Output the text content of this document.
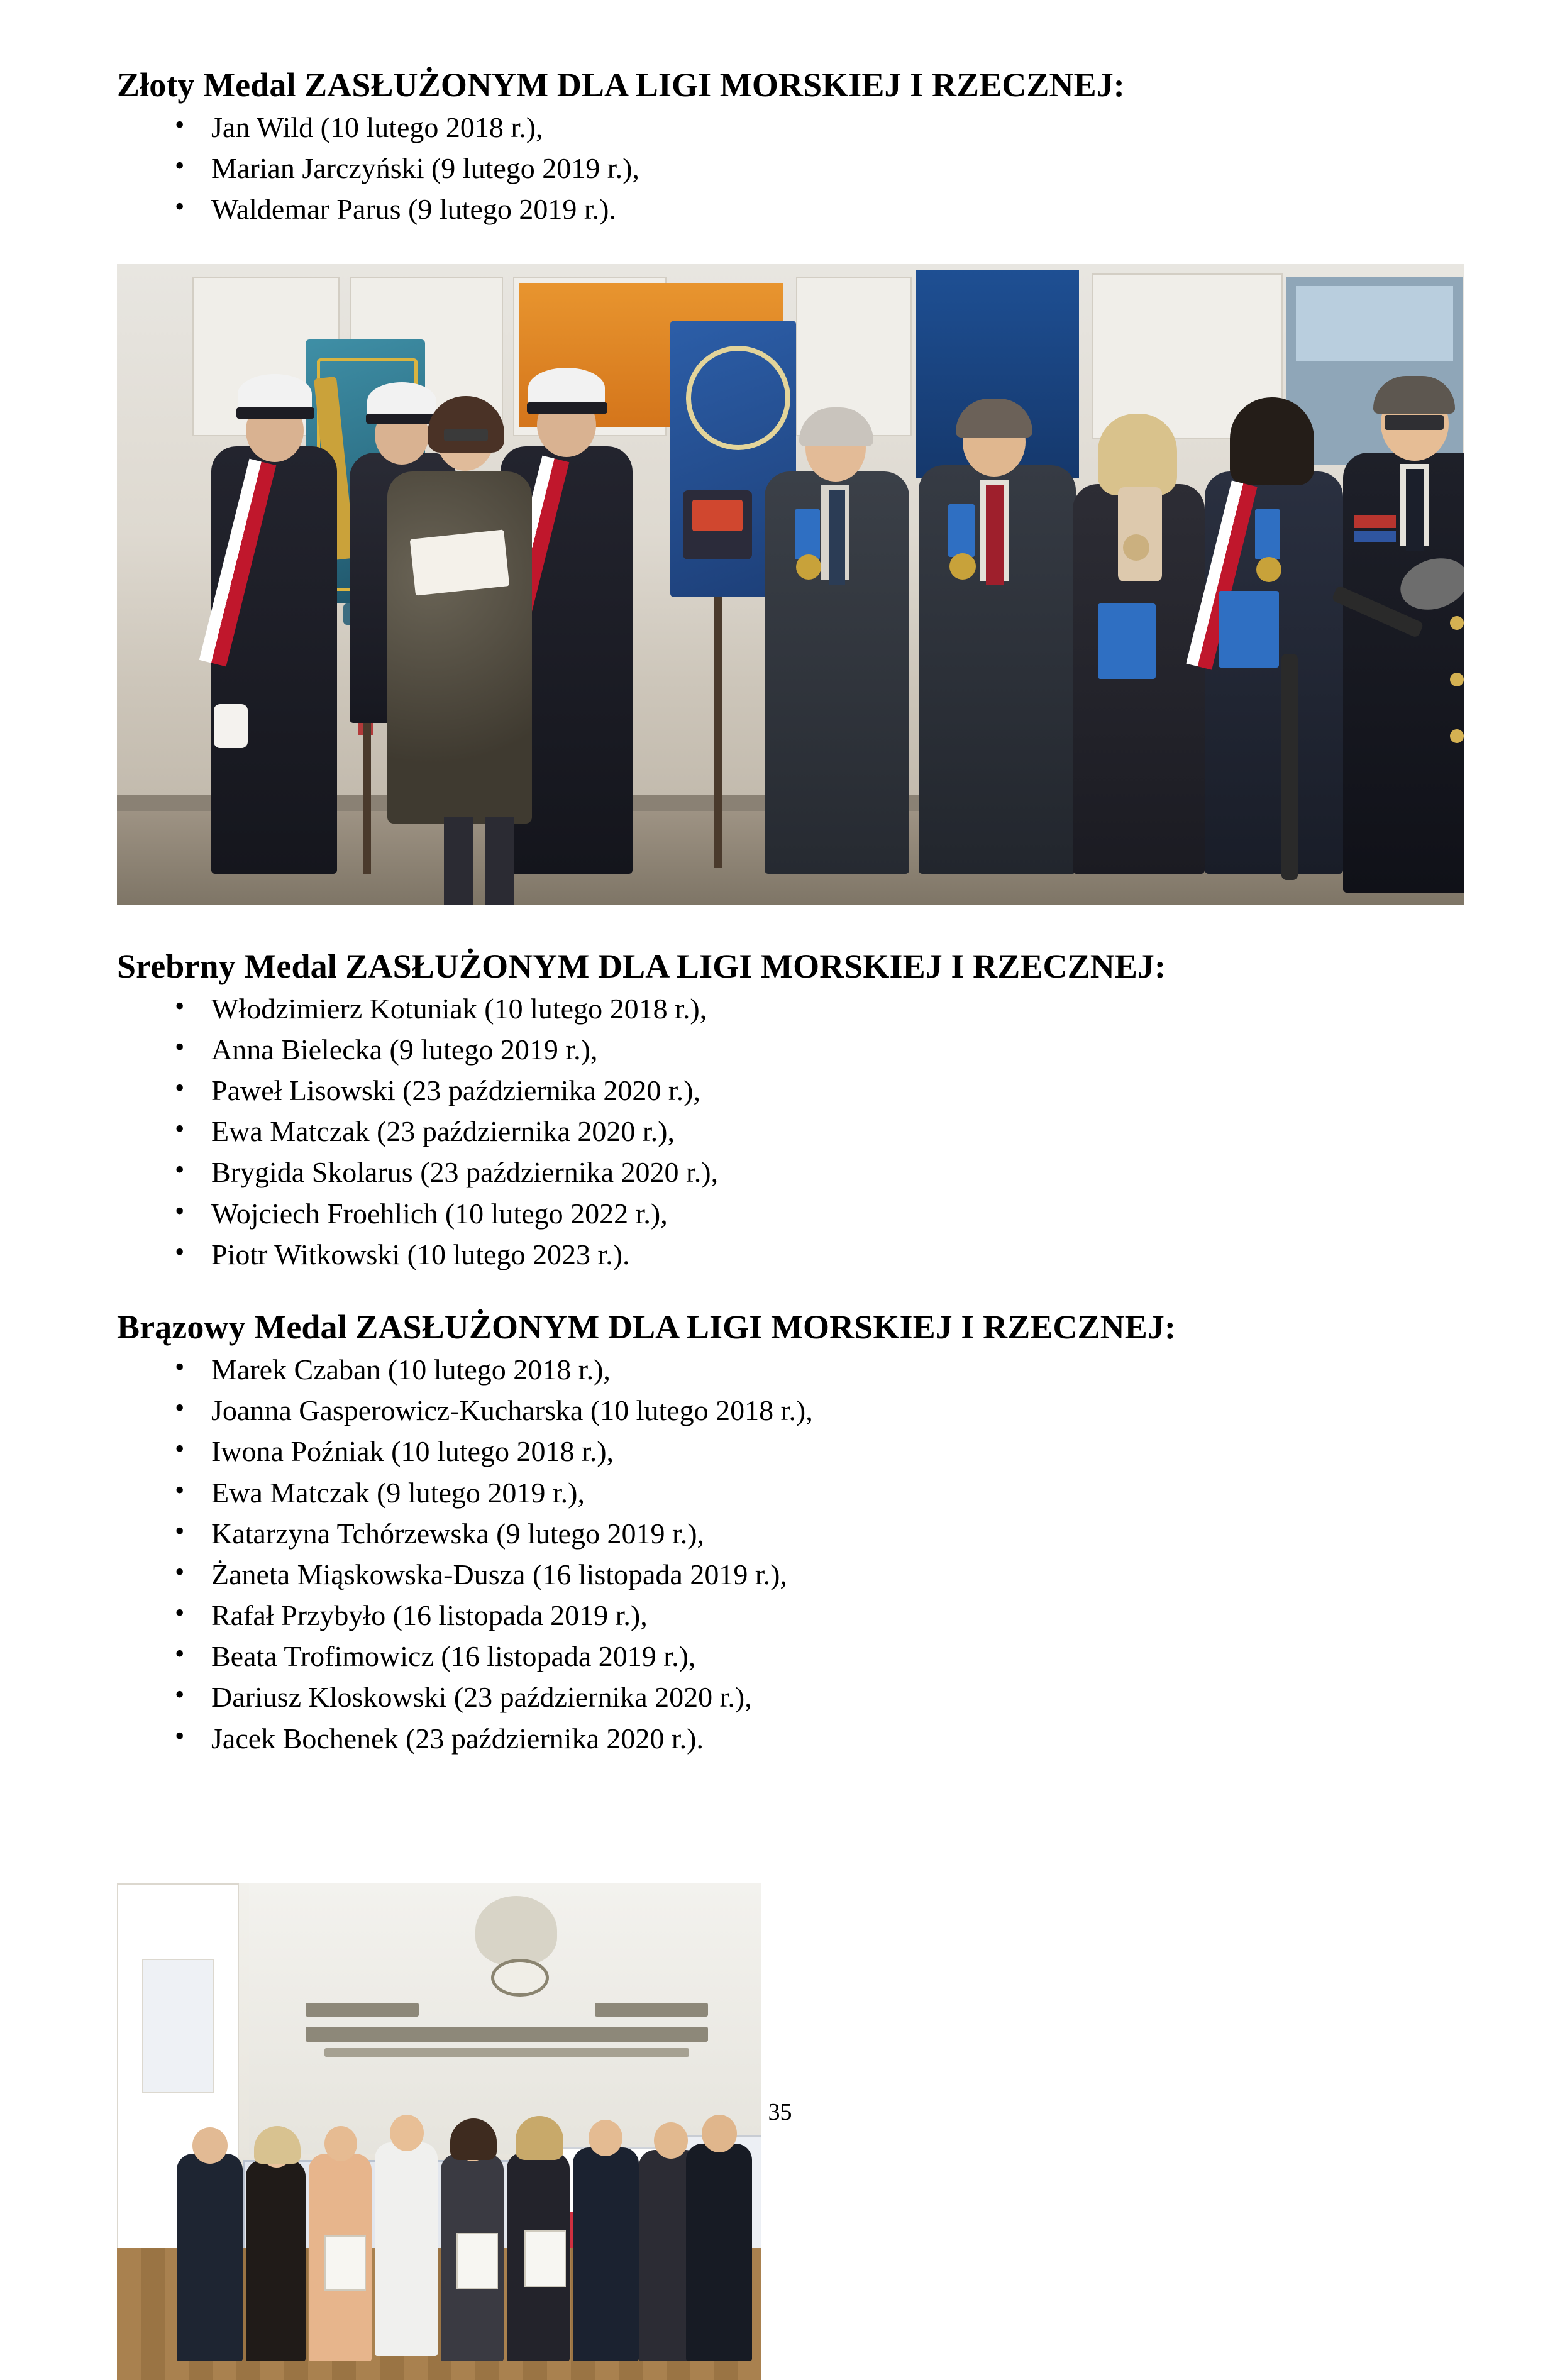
Złoty Medal ZASŁUŻONYM DLA LIGI MORSKIEJ I RZECZNEJ:
• Jan Wild (10 lutego 2018 r.),
• Marian Jarczyński (9 lutego 2019 r.),
• Waldemar Parus (9 lutego 2019 r.).
Srebrny Medal ZASŁUŻONYM DLA LIGI MORSKIEJ I RZECZNEJ:
• Włodzimierz Kotuniak (10 lutego 2018 r.),
• Anna Bielecka (9 lutego 2019 r.),
• Paweł Lisowski (23 października 2020 r.),
• Ewa Matczak (23 października 2020 r.),
• Brygida Skolarus (23 października 2020 r.),
• Wojciech Froehlich (10 lutego 2022 r.),
• Piotr Witkowski (10 lutego 2023 r.).
Brązowy Medal ZASŁUŻONYM DLA LIGI MORSKIEJ I RZECZNEJ:
• Marek Czaban (10 lutego 2018 r.),
• Joanna Gasperowicz-Kucharska (10 lutego 2018 r.),
• Iwona Poźniak (10 lutego 2018 r.),
• Ewa Matczak (9 lutego 2019 r.),
• Katarzyna Tchórzewska (9 lutego 2019 r.),
• Żaneta Miąskowska-Dusza (16 listopada 2019 r.),
• Rafał Przybyło (16 listopada 2019 r.),
• Beata Trofimowicz (16 listopada 2019 r.),
• Dariusz Kloskowski (23 października 2020 r.),
• Jacek Bochenek (23 października 2020 r.).
35
